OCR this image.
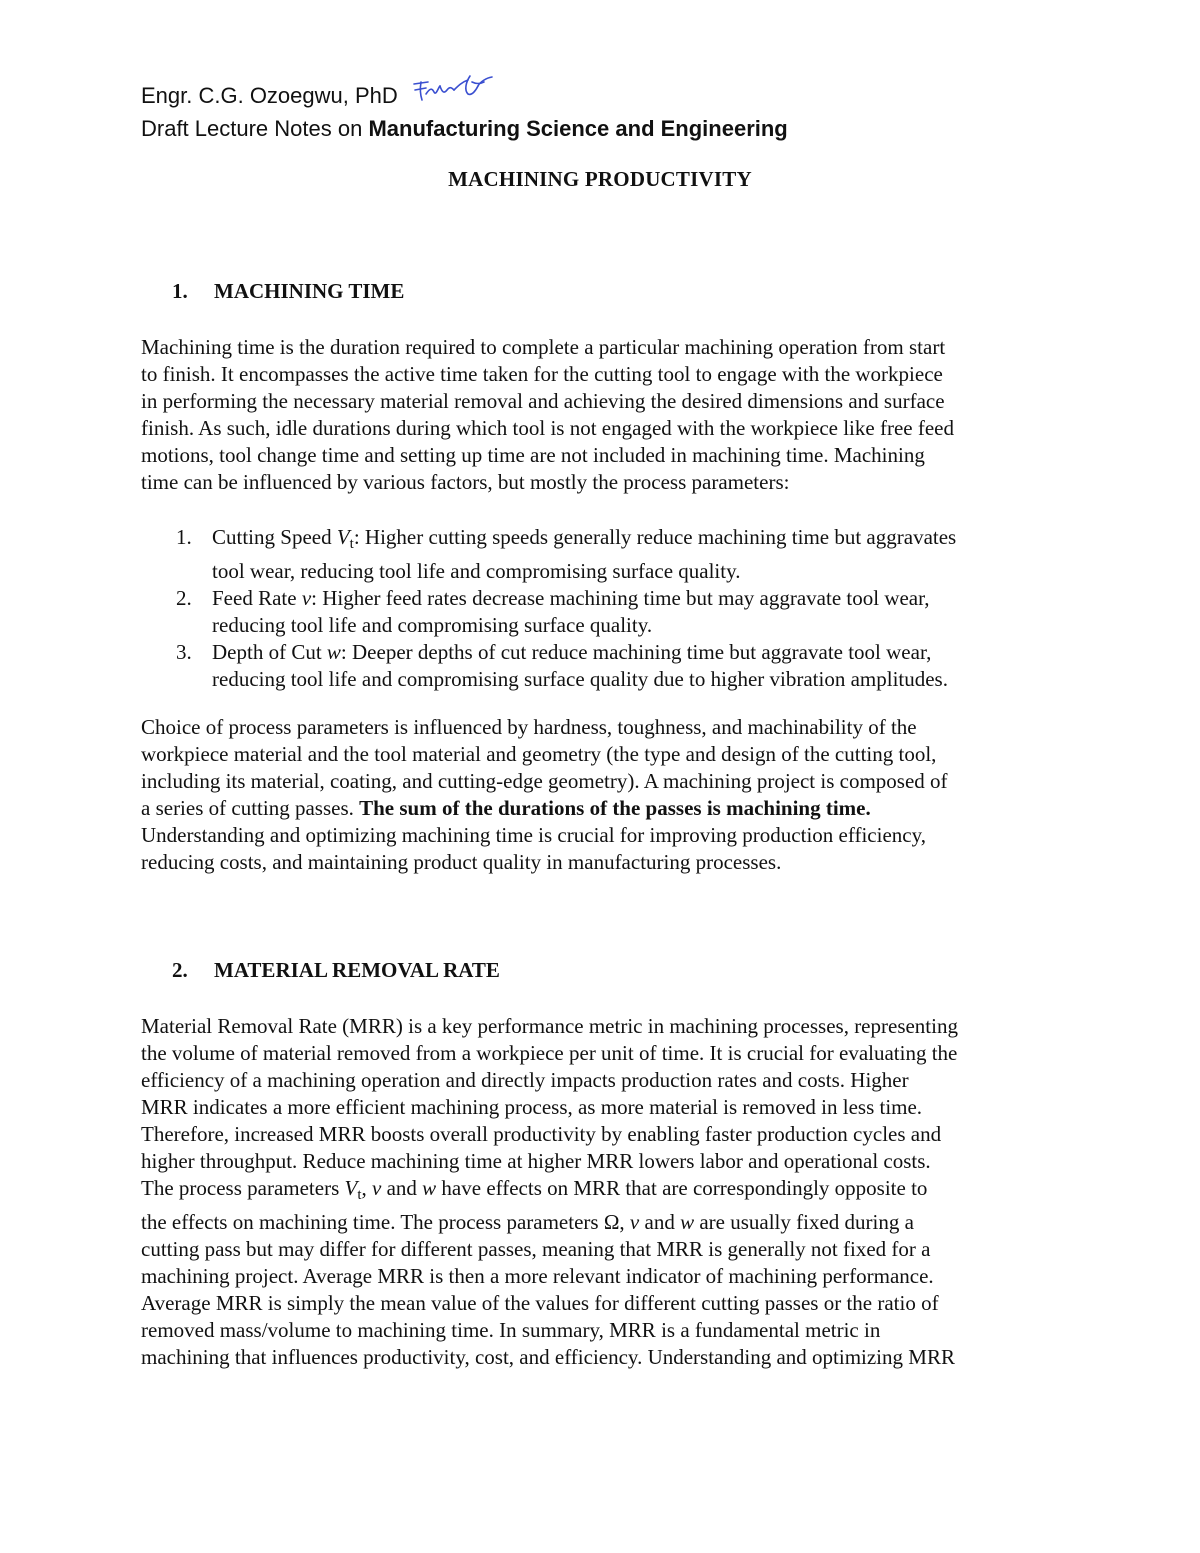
Engr. C.G. Ozoegwu, PhD
Draft Lecture Notes on Manufacturing Science and Engineering
MACHINING PRODUCTIVITY
1. MACHINING TIME
Machining time is the duration required to complete a particular machining operation from start
to finish. It encompasses the active time taken for the cutting tool to engage with the workpiece
in performing the necessary material removal and achieving the desired dimensions and surface
finish. As such, idle durations during which tool is not engaged with the workpiece like free feed
motions, tool change time and setting up time are not included in machining time. Machining
time can be influenced by various factors, but mostly the process parameters:
1. Cutting Speed $V_t$: Higher cutting speeds generally reduce machining time but aggravates
tool wear, reducing tool life and compromising surface quality.
2. Feed Rate v: Higher feed rates decrease machining time but may aggravate tool wear,
reducing tool life and compromising surface quality.
3. Depth of Cut w: Deeper depths of cut reduce machining time but aggravate tool wear,
reducing tool life and compromising surface quality due to higher vibration amplitudes.
Choice of process parameters is influenced by hardness, toughness, and machinability of the
workpiece material and the tool material and geometry (the type and design of the cutting tool,
including its material, coating, and cutting-edge geometry). A machining project is composed of
a series of cutting passes. The sum of the durations of the passes is machining time.
Understanding and optimizing machining time is crucial for improving production efficiency,
reducing costs, and maintaining product quality in manufacturing processes.
2. MATERIAL REMOVAL RATE
Material Removal Rate (MRR) is a key performance metric in machining processes, representing
the volume of material removed from a workpiece per unit of time. It is crucial for evaluating the
efficiency of a machining operation and directly impacts production rates and costs. Higher
MRR indicates a more efficient machining process, as more material is removed in less time.
Therefore, increased MRR boosts overall productivity by enabling faster production cycles and
higher throughput. Reduce machining time at higher MRR lowers labor and operational costs.
The process parameters $V_t$, v and w have effects on MRR that are correspondingly opposite to
the effects on machining time. The process parameters Ω, v and w are usually fixed during a
cutting pass but may differ for different passes, meaning that MRR is generally not fixed for a
machining project. Average MRR is then a more relevant indicator of machining performance.
Average MRR is simply the mean value of the values for different cutting passes or the ratio of
removed mass/volume to machining time. In summary, MRR is a fundamental metric in
machining that influences productivity, cost, and efficiency. Understanding and optimizing MRR
